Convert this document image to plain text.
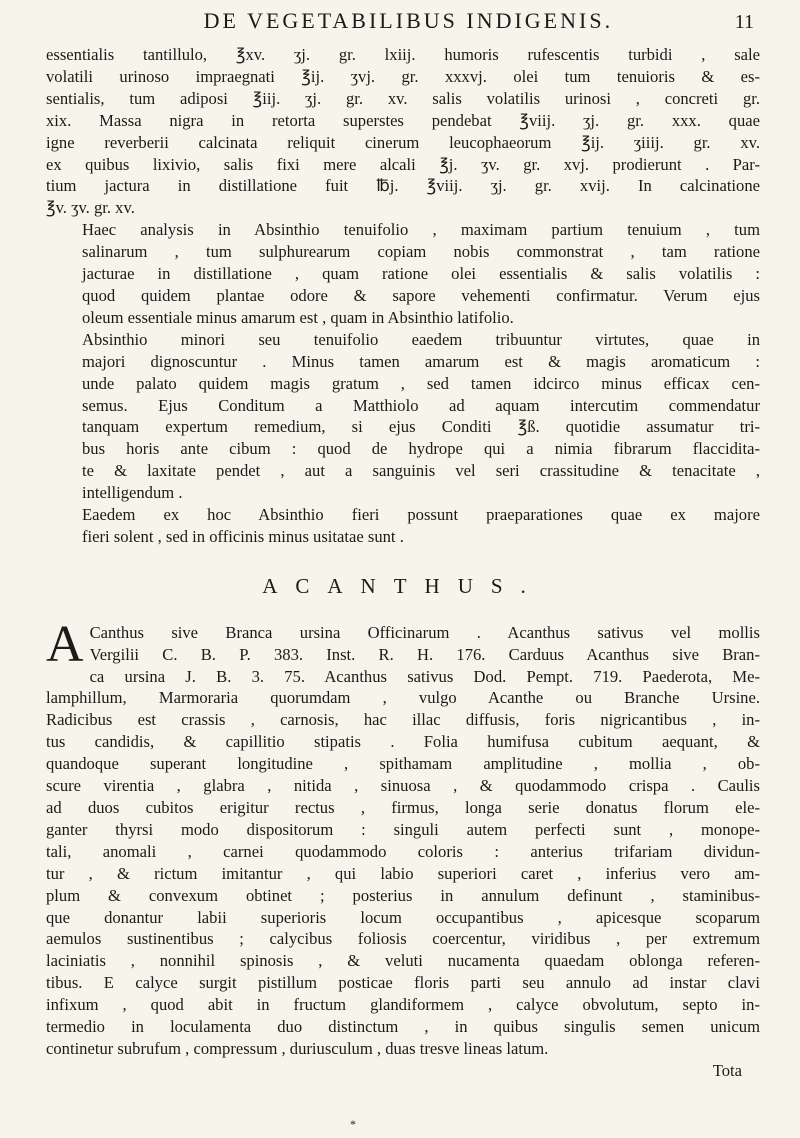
DE VEGETABILIBUS INDIGENIS.	11

essentialis tantillulo, ℥xv. ʒj. gr. lxiij. humoris rufescentis turbidi , sale
volatili urinoso impraegnati ℥ij. ʒvj. gr. xxxvj. olei tum tenuioris & es-
sentialis, tum adiposi ℥iij. ʒj. gr. xv. salis volatilis urinosi , concreti gr.
xix. Massa nigra in retorta superstes pendebat ℥viij. ʒj. gr. xxx. quae
igne reverberii calcinata reliquit cinerum leucophaeorum ℥ij. ʒiiij. gr. xv.
ex quibus lixivio, salis fixi mere alcali ℥j. ʒv. gr. xvj. prodierunt . Par-
tium jactura in distillatione fuit ℔j. ℥viij. ʒj. gr. xvij. In calcinatione
℥v. ʒv. gr. xv.

Haec analysis in Absinthio tenuifolio , maximam partium tenuium , tum
salinarum , tum sulphurearum copiam nobis commonstrat , tam ratione
jacturae in distillatione , quam ratione olei essentialis & salis volatilis :
quod quidem plantae odore & sapore vehementi confirmatur. Verum ejus
oleum essentiale minus amarum est , quam in Absinthio latifolio.

Absinthio minori seu tenuifolio eaedem tribuuntur virtutes, quae in
majori dignoscuntur . Minus tamen amarum est & magis aromaticum :
unde palato quidem magis gratum , sed tamen idcirco minus efficax cen-
semus. Ejus Conditum a Matthiolo ad aquam intercutim commendatur
tanquam expertum remedium, si ejus Conditi ℥ß. quotidie assumatur tri-
bus horis ante cibum : quod de hydrope qui a nimia fibrarum flaccidita-
te & laxitate pendet , aut a sanguinis vel seri crassitudine & tenacitate ,
intelligendum .

Eaedem ex hoc Absinthio fieri possunt praeparationes quae ex majore
fieri solent , sed in officinis minus usitatae sunt .

ACANTHUS.
A Canthus sive Branca ursina Officinarum . Acanthus sativus vel mollis
Vergilii C. B. P. 383. Inst. R. H. 176. Carduus Acanthus sive Bran-
ca ursina J. B. 3. 75. Acanthus sativus Dod. Pempt. 719. Paederota, Me-
lamphillum, Marmoraria quorumdam , vulgo Acanthe ou Branche Ursine.
Radicibus est crassis , carnosis, hac illac diffusis, foris nigricantibus , in-
tus candidis, & capillitio stipatis . Folia humifusa cubitum aequant, &
quandoque superant longitudine , spithamam amplitudine , mollia , ob-
scure virentia , glabra , nitida , sinuosa , & quodammodo crispa . Caulis
ad duos cubitos erigitur rectus , firmus, longa serie donatus florum ele-
ganter thyrsi modo dispositorum : singuli autem perfecti sunt , monope-
tali, anomali , carnei quodammodo coloris : anterius trifariam dividun-
tur , & rictum imitantur , qui labio superiori caret , inferius vero am-
plum & convexum obtinet ; posterius in annulum definunt , staminibus-
que donantur labii superioris locum occupantibus , apicesque scoparum
aemulos sustinentibus ; calycibus foliosis coercentur, viridibus , per extremum
laciniatis , nonnihil spinosis , & veluti nucamenta quaedam oblonga referen-
tibus. E calyce surgit pistillum posticae floris parti seu annulo ad instar clavi
infixum , quod abit in fructum glandiformem , calyce obvolutum, septo in-
termedio in loculamenta duo distinctum , in quibus singulis semen unicum
continetur subrufum , compressum , duriusculum , duas tresve lineas latum.
Tota
*
